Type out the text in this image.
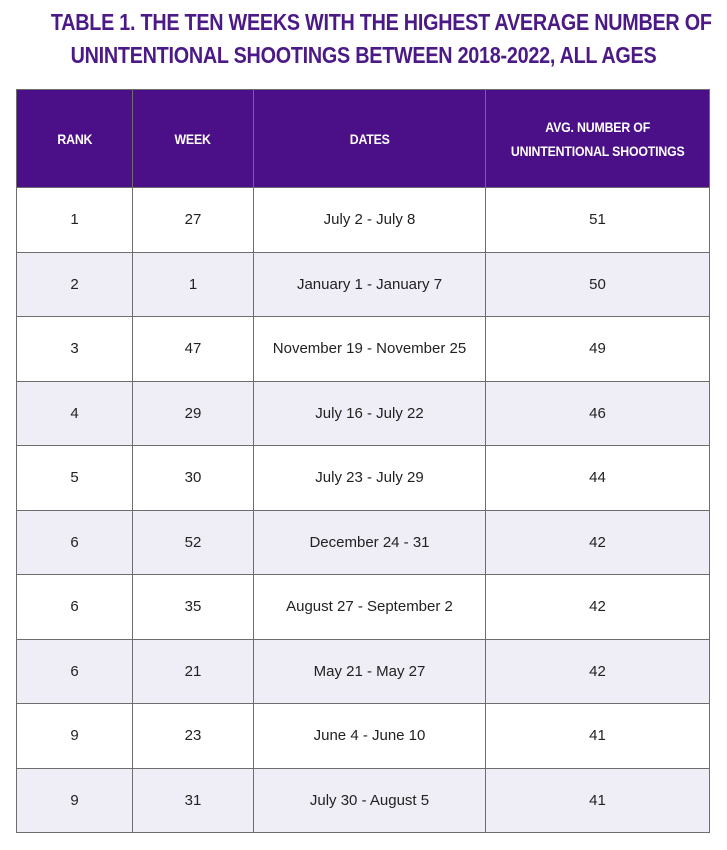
TABLE 1. THE TEN WEEKS WITH THE HIGHEST AVERAGE NUMBER OF
UNINTENTIONAL SHOOTINGS BETWEEN 2018-2022, ALL AGES
RANK	WEEK	DATES	AVG. NUMBER OF
UNINTENTIONAL SHOOTINGS
1	27	July 2 - July 8	51
2	1	January 1 - January 7	50
3	47	November 19 - November 25	49
4	29	July 16 - July 22	46
5	30	July 23 - July 29	44
6	52	December 24 - 31	42
6	35	August 27 - September 2	42
6	21	May 21 - May 27	42
9	23	June 4 - June 10	41
9	31	July 30 - August 5	41
